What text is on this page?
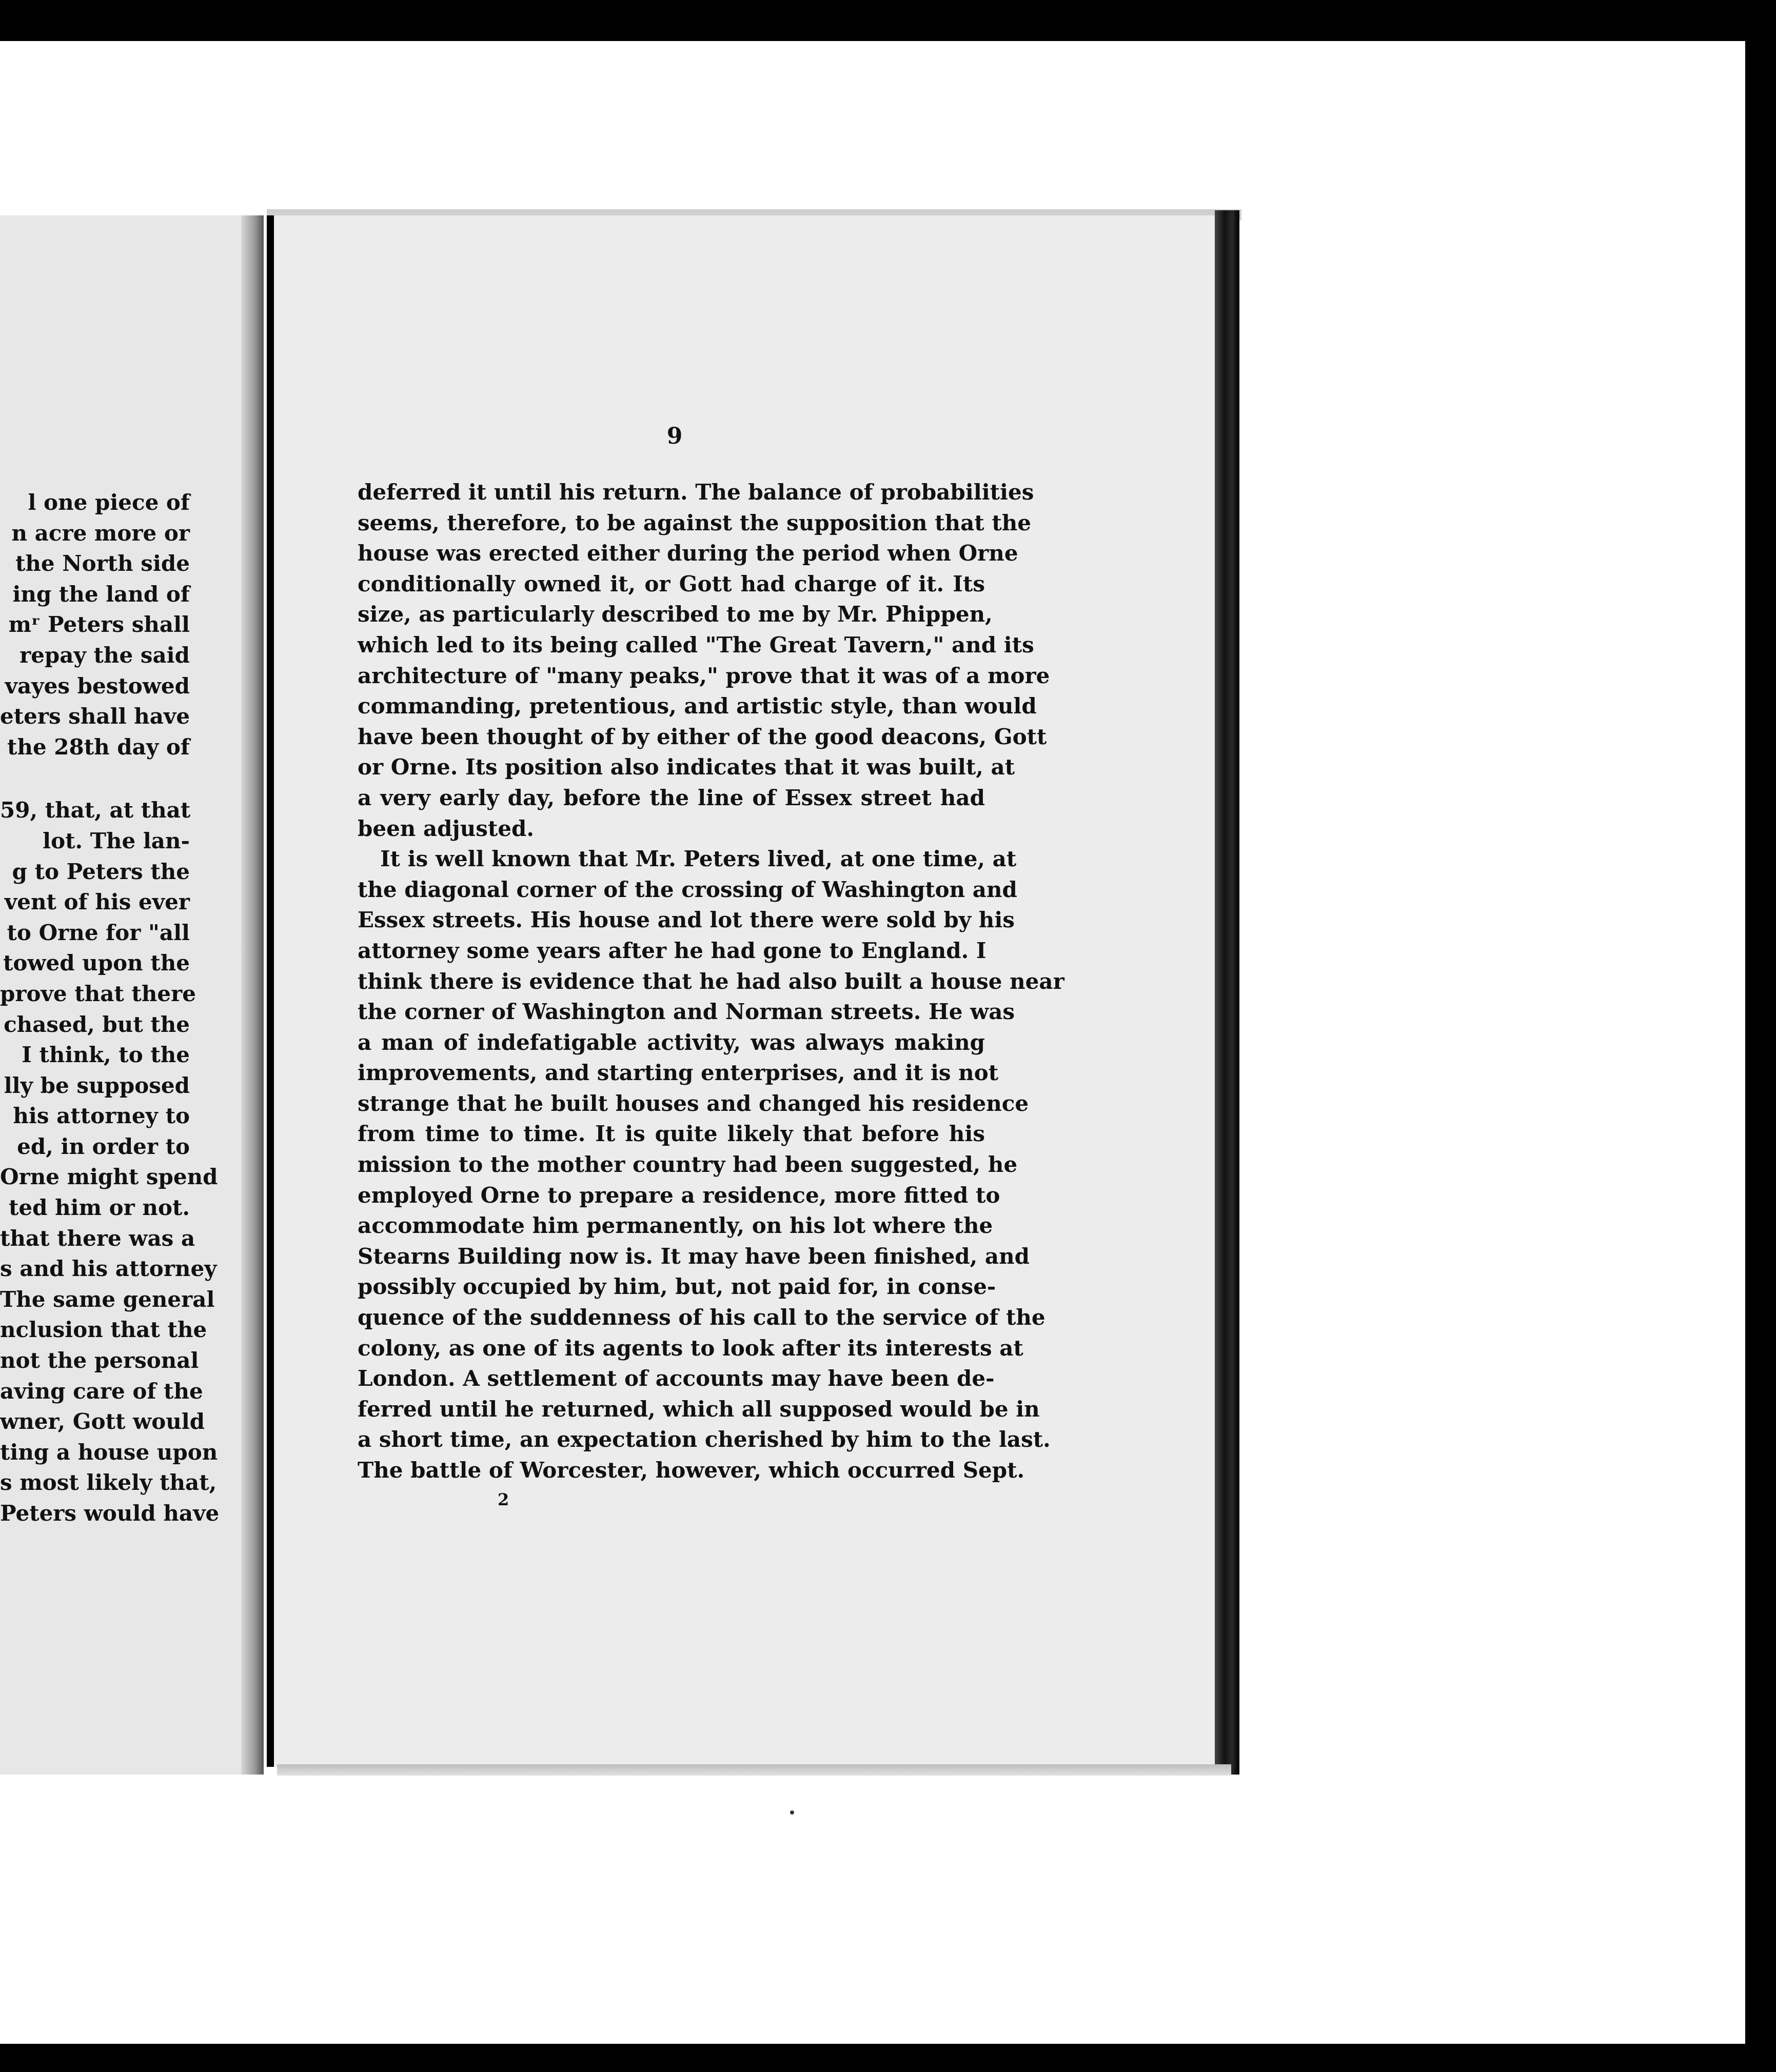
l one piece of
n acre more or
the North side
ing the land of
mʳ Peters shall
repay the said
vayes bestowed
eters shall have
the 28th day of
59, that, at that
lot. The lan-
g to Peters the
vent of his ever
to Orne for "all
towed upon the
prove that there
chased, but the
I think, to the
lly be supposed
his attorney to
ed, in order to
Orne might spend
ted him or not.
that there was a
s and his attorney
The same general
nclusion that the
not the personal
aving care of the
wner, Gott would
ting a house upon
s most likely that,
Peters would have
9
deferred it until his return. The balance of probabilities
seems, therefore, to be against the supposition that the
house was erected either during the period when Orne
conditionally owned it, or Gott had charge of it. Its
size, as particularly described to me by Mr. Phippen,
which led to its being called "The Great Tavern," and its
architecture of "many peaks," prove that it was of a more
commanding, pretentious, and artistic style, than would
have been thought of by either of the good deacons, Gott
or Orne. Its position also indicates that it was built, at
a very early day, before the line of Essex street had
been adjusted.
It is well known that Mr. Peters lived, at one time, at
the diagonal corner of the crossing of Washington and
Essex streets. His house and lot there were sold by his
attorney some years after he had gone to England. I
think there is evidence that he had also built a house near
the corner of Washington and Norman streets. He was
a man of indefatigable activity, was always making
improvements, and starting enterprises, and it is not
strange that he built houses and changed his residence
from time to time. It is quite likely that before his
mission to the mother country had been suggested, he
employed Orne to prepare a residence, more fitted to
accommodate him permanently, on his lot where the
Stearns Building now is. It may have been finished, and
possibly occupied by him, but, not paid for, in conse-
quence of the suddenness of his call to the service of the
colony, as one of its agents to look after its interests at
London. A settlement of accounts may have been de-
ferred until he returned, which all supposed would be in
a short time, an expectation cherished by him to the last.
The battle of Worcester, however, which occurred Sept.
2
